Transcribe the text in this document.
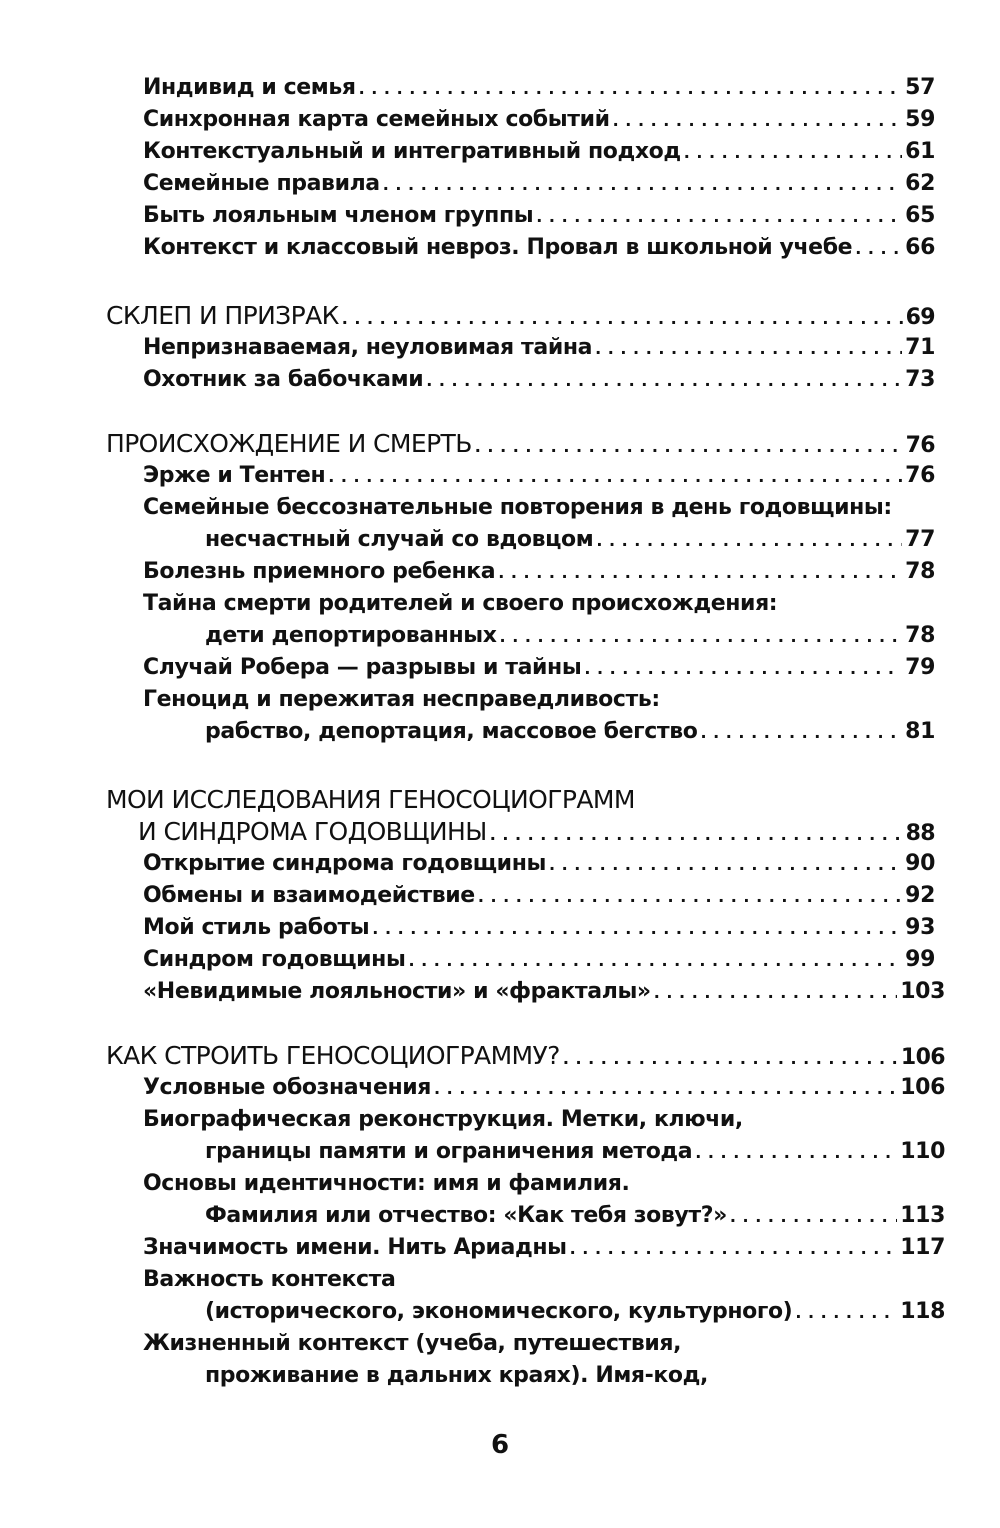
Индивид и семья . . .	57
Синхронная карта семейных событий . . .	59
Контекстуальный и интегративный подход . . .	61
Семейные правила . . .	62
Быть лояльным членом группы . . .	65
Контекст и классовый невроз. Провал в школьной учебе . . . 66
СКЛЕП И ПРИЗРАК . . .	69
Непризнаваемая, неуловимая тайна . . .	71
Охотник за бабочками . . .	73
ПРОИСХОЖДЕНИЕ И СМЕРТЬ . . .	76
Эрже и Тентен . . .	76
Семейные бессознательные повторения в день годовщины:
несчастный случай со вдовцом . . .	77
Болезнь приемного ребенка . . .	78
Тайна смерти родителей и своего происхождения:
дети депортированных . . .	78
Случай Робера — разрывы и тайны . . .	79
Геноцид и пережитая несправедливость:
рабство, депортация, массовое бегство . . .	81
МОИ ИССЛЕДОВАНИЯ ГЕНОСОЦИОГРАММ
И СИНДРОМА ГОДОВЩИНЫ . . .	88
Открытие синдрома годовщины . . .	90
Обмены и взаимодействие . . .	92
Мой стиль работы . . .	93
Синдром годовщины . . .	99
«Невидимые лояльности» и «фракталы» . . .	103
КАК СТРОИТЬ ГЕНОСОЦИОГРАММУ? . . .	106
Условные обозначения . . .	106
Биографическая реконструкция. Метки, ключи,
границы памяти и ограничения метода . . .	110
Основы идентичности: имя и фамилия.
Фамилия или отчество: «Как тебя зовут?» . . .	113
Значимость имени. Нить Ариадны . . .	117
Важность контекста
(исторического, экономического, культурного) . . .	118
Жизненный контекст (учеба, путешествия,
проживание в дальних краях). Имя-код,
6
